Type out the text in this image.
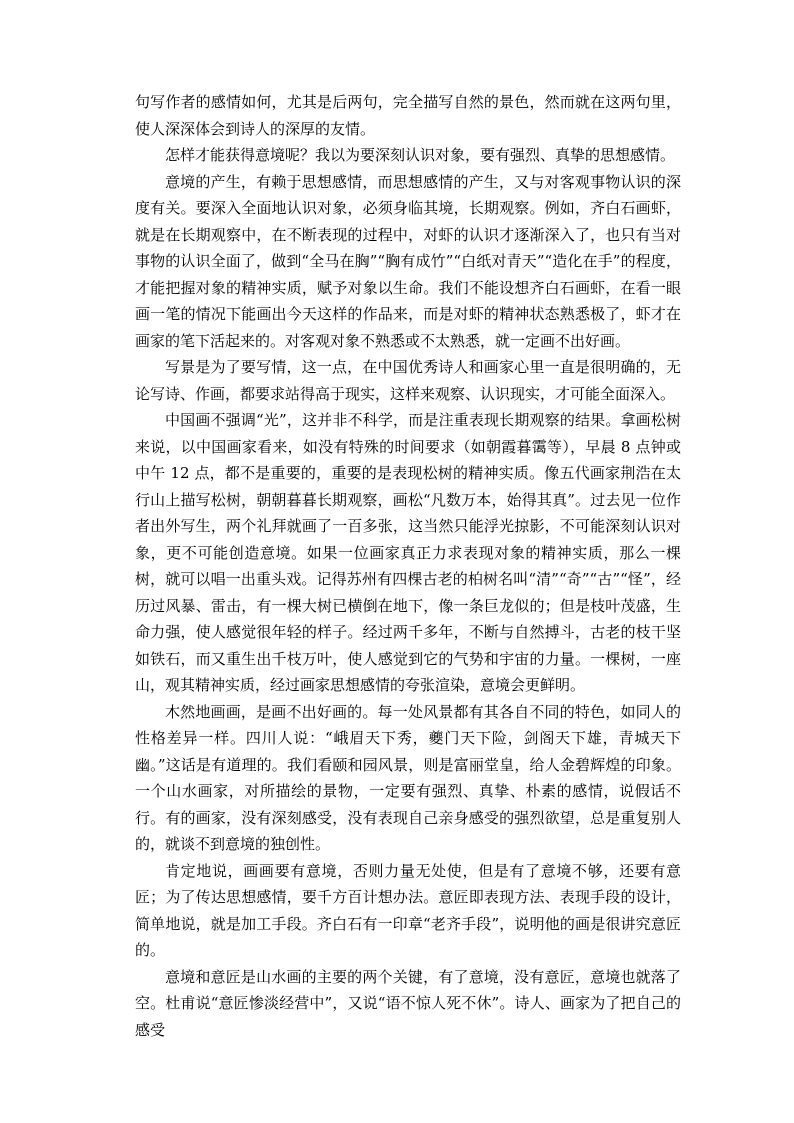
句写作者的感情如何，尤其是后两句，完全描写自然的景色，然而就在这两句里，使人深深体会到诗人的深厚的友情。

怎样才能获得意境呢？我以为要深刻认识对象，要有强烈、真挚的思想感情。

意境的产生，有赖于思想感情，而思想感情的产生，又与对客观事物认识的深度有关。要深入全面地认识对象，必须身临其境，长期观察。例如，齐白石画虾，就是在长期观察中，在不断表现的过程中，对虾的认识才逐渐深入了，也只有当对事物的认识全面了，做到“全马在胸”“胸有成竹”“白纸对青天”“造化在手”的程度，才能把握对象的精神实质，赋予对象以生命。我们不能设想齐白石画虾，在看一眼画一笔的情况下能画出今天这样的作品来，而是对虾的精神状态熟悉极了，虾才在画家的笔下活起来的。对客观对象不熟悉或不太熟悉，就一定画不出好画。

写景是为了要写情，这一点，在中国优秀诗人和画家心里一直是很明确的，无论写诗、作画，都要求站得高于现实，这样来观察、认识现实，才可能全面深入。

中国画不强调“光”，这并非不科学，而是注重表现长期观察的结果。拿画松树来说，以中国画家看来，如没有特殊的时间要求（如朝霞暮霭等），早晨 8 点钟或中午 12 点，都不是重要的，重要的是表现松树的精神实质。像五代画家荆浩在太行山上描写松树，朝朝暮暮长期观察，画松“凡数万本，始得其真”。过去见一位作者出外写生，两个礼拜就画了一百多张，这当然只能浮光掠影，不可能深刻认识对象，更不可能创造意境。如果一位画家真正力求表现对象的精神实质，那么一棵树，就可以唱一出重头戏。记得苏州有四棵古老的柏树名叫“清”“奇”“古”“怪”，经历过风暴、雷击，有一棵大树已横倒在地下，像一条巨龙似的；但是枝叶茂盛，生命力强，使人感觉很年轻的样子。经过两千多年，不断与自然搏斗，古老的枝干坚如铁石，而又重生出千枝万叶，使人感觉到它的气势和宇宙的力量。一棵树，一座山，观其精神实质，经过画家思想感情的夸张渲染，意境会更鲜明。

木然地画画，是画不出好画的。每一处风景都有其各自不同的特色，如同人的性格差异一样。四川人说：“峨眉天下秀，夔门天下险，剑阁天下雄，青城天下幽。”这话是有道理的。我们看颐和园风景，则是富丽堂皇，给人金碧辉煌的印象。一个山水画家，对所描绘的景物，一定要有强烈、真挚、朴素的感情，说假话不行。有的画家，没有深刻感受，没有表现自己亲身感受的强烈欲望，总是重复别人的，就谈不到意境的独创性。

肯定地说，画画要有意境，否则力量无处使，但是有了意境不够，还要有意匠；为了传达思想感情，要千方百计想办法。意匠即表现方法、表现手段的设计，简单地说，就是加工手段。齐白石有一印章“老齐手段”，说明他的画是很讲究意匠的。

意境和意匠是山水画的主要的两个关键，有了意境，没有意匠，意境也就落了空。杜甫说“意匠惨淡经营中”，又说“语不惊人死不休”。诗人、画家为了把自己的感受
